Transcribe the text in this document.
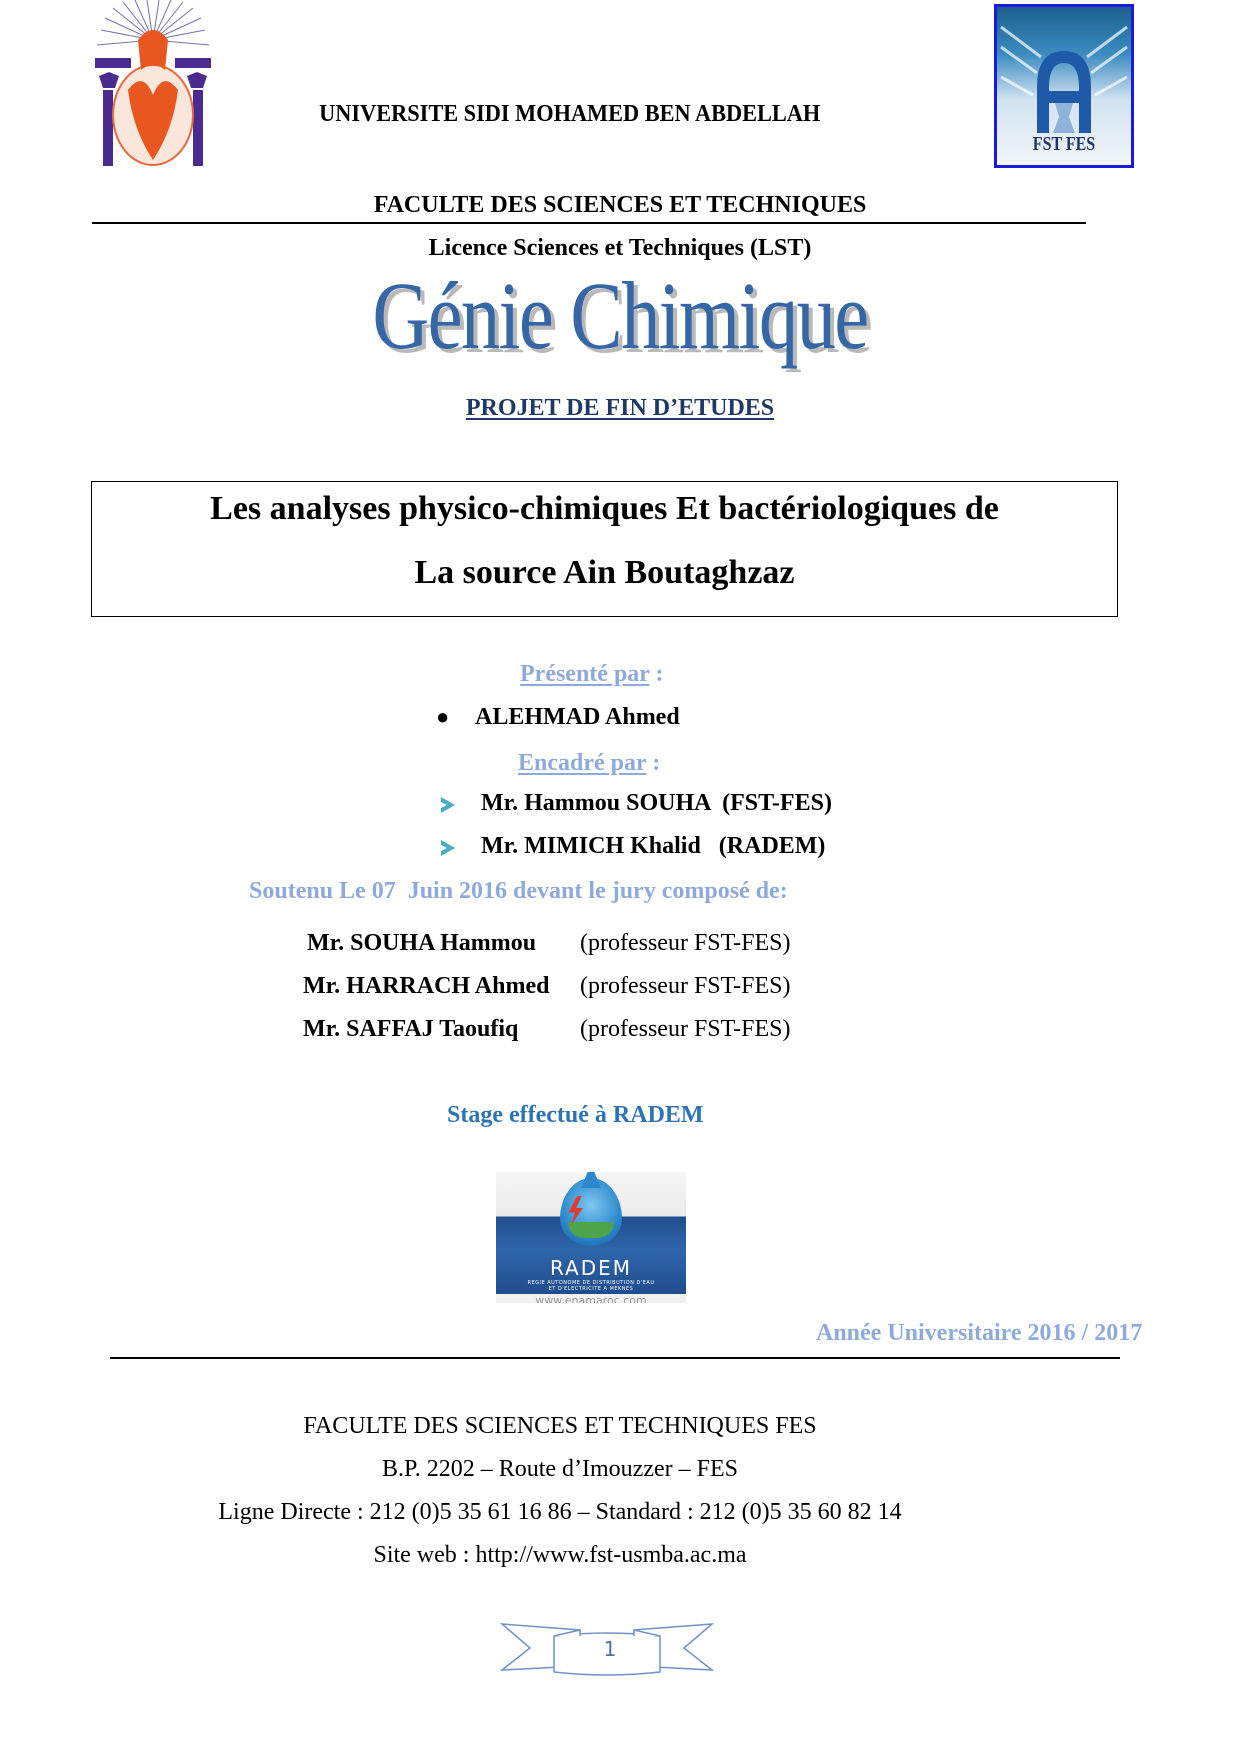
FST FES
UNIVERSITE SIDI MOHAMED BEN ABDELLAH
FACULTE DES SCIENCES ET TECHNIQUES
Licence Sciences et Techniques (LST)
Génie Chimique
PROJET DE FIN D’ETUDES
Les analyses physico-chimiques Et bactériologiques de
La source Ain Boutaghzaz
Présenté par :
● ALEHMAD Ahmed
Encadré par :
Mr. Hammou SOUHA  (FST-FES)
Mr. MIMICH Khalid   (RADEM)
Soutenu Le 07  Juin 2016 devant le jury composé de:
Mr. SOUHA Hammou (professeur FST-FES)
Mr. HARRACH Ahmed (professeur FST-FES)
Mr. SAFFAJ Taoufiq	(professeur FST-FES)
Stage effectué à RADEM
RADEM
REGIE AUTONOME DE DISTRIBUTION D'EAU
ET D'ELECTRICITE A MEKNES
www.enamaroc.com
Année Universitaire 2016 / 2017
FACULTE DES SCIENCES ET TECHNIQUES FES
B.P. 2202 – Route d’Imouzzer – FES
Ligne Directe : 212 (0)5 35 61 16 86 – Standard : 212 (0)5 35 60 82 14
Site web : http://www.fst-usmba.ac.ma
1
